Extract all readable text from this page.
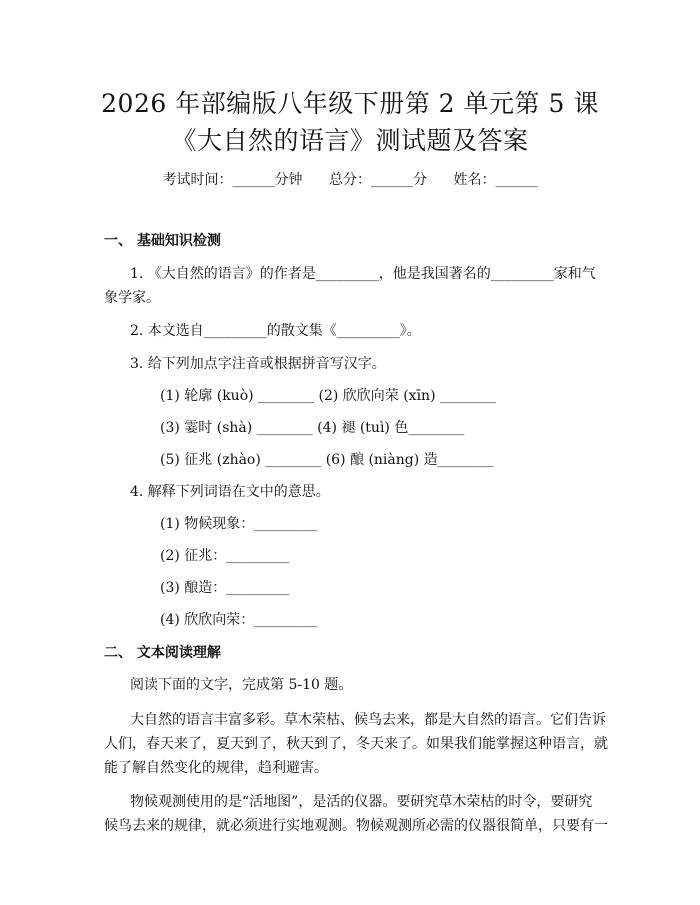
2026 年部编版八年级下册第 2 单元第 5 课
《大自然的语言》测试题及答案
考试时间：______分钟 总分：______分 姓名：______
一、 基础知识检测
1. 《大自然的语言》的作者是_________，他是我国著名的_________家和气
象学家。
2. 本文选自_________的散文集《_________》。
3. 给下列加点字注音或根据拼音写汉字。
(1) 轮廓 (kuò) ________ (2) 欣欣向荣 (xīn) ________
(3) 霎时 (shà) ________ (4) 褪 (tuì) 色________
(5) 征兆 (zhào) ________ (6) 酿 (niàng) 造________
4. 解释下列词语在文中的意思。
(1) 物候现象：_________
(2) 征兆：_________
(3) 酿造：_________
(4) 欣欣向荣：_________
二、 文本阅读理解
阅读下面的文字，完成第 5-10 题。
大自然的语言丰富多彩。草木荣枯、候鸟去来，都是大自然的语言。它们告诉
人们，春天来了，夏天到了，秋天到了，冬天来了。如果我们能掌握这种语言，就
能了解自然变化的规律，趋利避害。
物候观测使用的是“活地图”，是活的仪器。要研究草木荣枯的时令，要研究
候鸟去来的规律，就必须进行实地观测。物候观测所必需的仪器很简单，只要有一
